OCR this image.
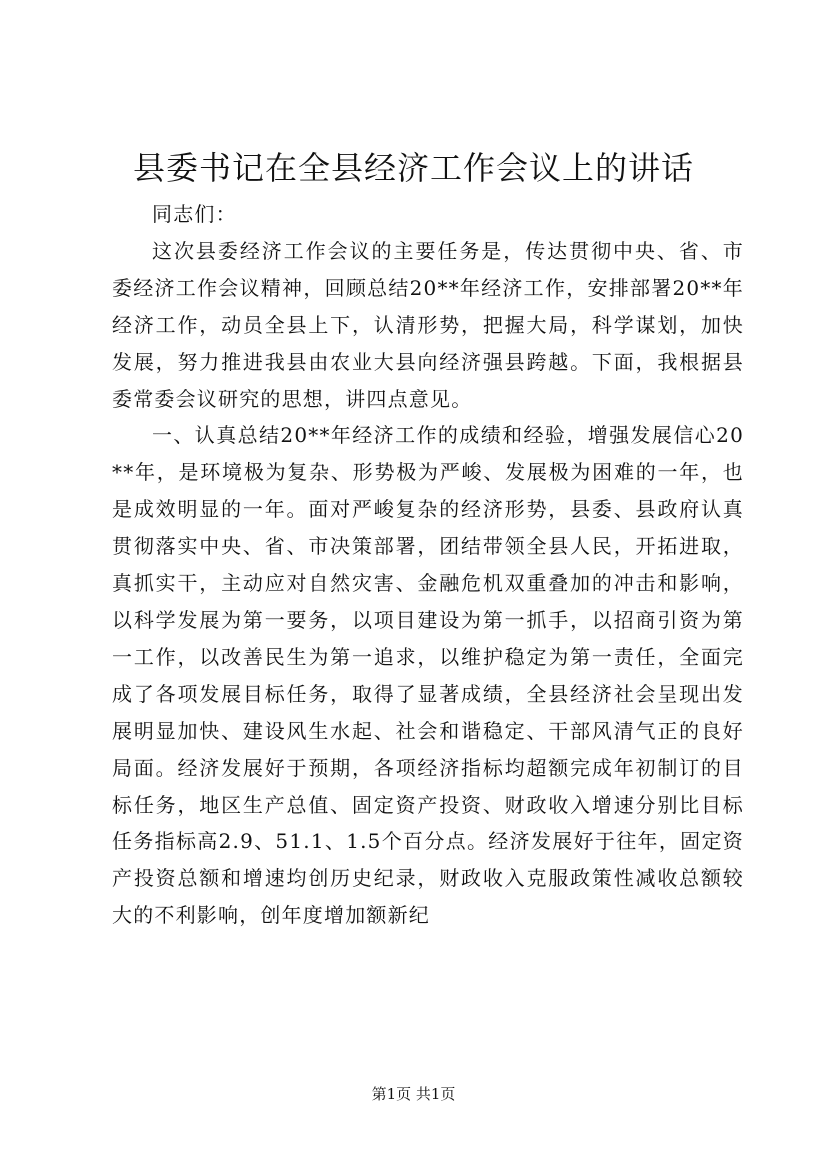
县委书记在全县经济工作会议上的讲话
同志们：

这次县委经济工作会议的主要任务是，传达贯彻中央、省、市委经济工作会议精神，回顾总结20**年经济工作，安排部署20**年经济工作，动员全县上下，认清形势，把握大局，科学谋划，加快发展，努力推进我县由农业大县向经济强县跨越。下面，我根据县委常委会议研究的思想，讲四点意见。

一、认真总结20**年经济工作的成绩和经验，增强发展信心20**年，是环境极为复杂、形势极为严峻、发展极为困难的一年，也是成效明显的一年。面对严峻复杂的经济形势，县委、县政府认真贯彻落实中央、省、市决策部署，团结带领全县人民，开拓进取，真抓实干，主动应对自然灾害、金融危机双重叠加的冲击和影响，以科学发展为第一要务，以项目建设为第一抓手，以招商引资为第一工作，以改善民生为第一追求，以维护稳定为第一责任，全面完成了各项发展目标任务，取得了显著成绩，全县经济社会呈现出发展明显加快、建设风生水起、社会和谐稳定、干部风清气正的良好局面。经济发展好于预期，各项经济指标均超额完成年初制订的目标任务，地区生产总值、固定资产投资、财政收入增速分别比目标任务指标高2.9、51.1、1.5个百分点。经济发展好于往年，固定资产投资总额和增速均创历史纪录，财政收入克服政策性减收总额较大的不利影响，创年度增加额新纪

第1页 共1页
